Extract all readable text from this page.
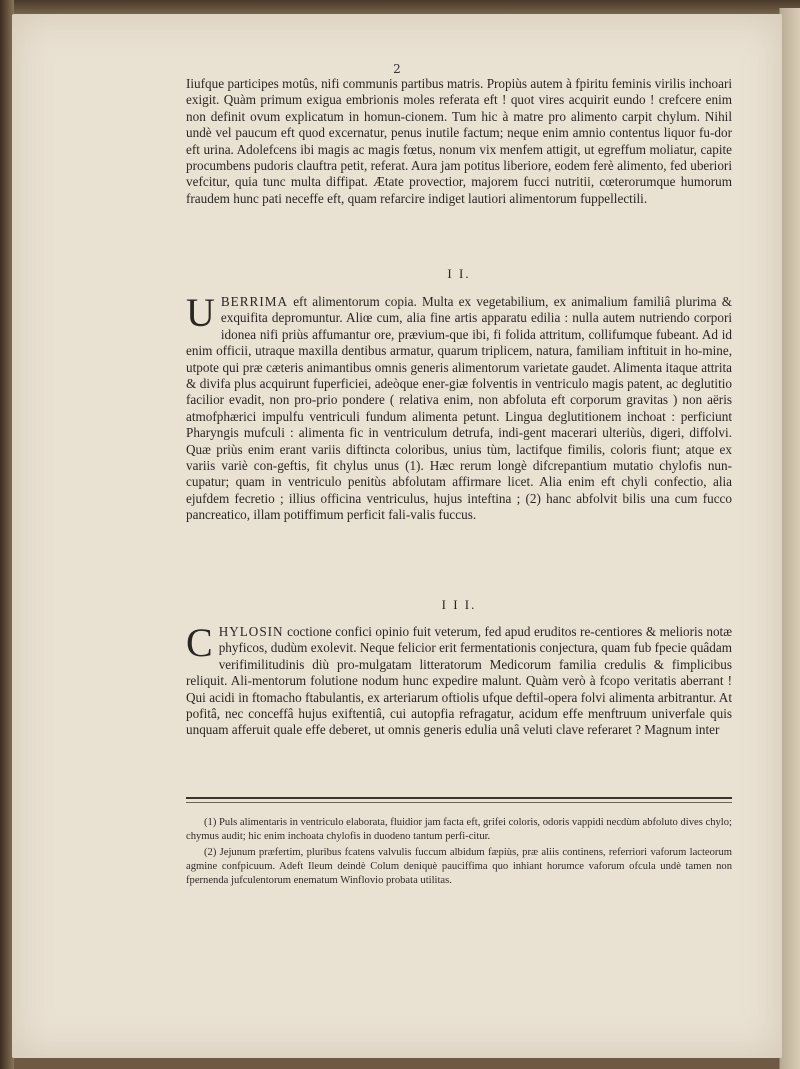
2

Iiufque participes motûs, nifi communis partibus matris. Propiùs autem à fpiritu feminis virilis inchoari exigit. Quàm primum exigua embrionis moles referata eft ! quot vires acquirit eundo ! crefcere enim non definit ovum explicatum in homun-cionem. Tum hic à matre pro alimento carpit chylum. Nihil undè vel paucum eft quod excernatur, penus inutile factum; neque enim amnio contentus liquor fu-dor eft urina. Adolefcens ibi magis ac magis fœtus, nonum vix menfem attigit, ut egreffum moliatur, capite procumbens pudoris clauftra petit, referat. Aura jam potitus liberiore, eodem ferè alimento, fed uberiori vefcitur, quia tunc multa diffipat. Ætate provectior, majorem fucci nutritii, cœterorumque humorum fraudem hunc pati neceffe eft, quam refarcire indiget lautiori alimentorum fuppellectili.

I I.

U BERRIMA eft alimentorum copia. Multa ex vegetabilium, ex animalium familiâ plurima & exquifita depromuntur. Aliœ cum, alia fine artis apparatu edilia : nulla autem nutriendo corpori idonea nifi priùs affumantur ore, prævium-que ibi, fi folida attritum, collifumque fubeant. Ad id enim officii, utraque maxilla dentibus armatur, quarum triplicem, natura, familiam inftituit in ho-mine, utpote qui præ cæteris animantibus omnis generis alimentorum varietate gaudet. Alimenta itaque attrita & divifa plus acquirunt fuperficiei, adeòque ener-giæ folventis in ventriculo magis patent, ac deglutitio facilior evadit, non pro-prio pondere ( relativa enim, non abfoluta eft corporum gravitas ) non aëris atmofphærici impulfu ventriculi fundum alimenta petunt. Lingua deglutitionem inchoat : perficiunt Pharyngis mufculi : alimenta fic in ventriculum detrufa, indi-gent macerari ulteriùs, digeri, diffolvi. Quæ priùs enim erant variis diftincta coloribus, unius tùm, lactifque fimilis, coloris fiunt; atque ex variis variè con-geftis, fit chylus unus (1). Hæc rerum longè difcrepantium mutatio chylofis nun-cupatur; quam in ventriculo penitùs abfolutam affirmare licet. Alia enim eft chyli confectio, alia ejufdem fecretio ; illius officina ventriculus, hujus inteftina ; (2) hanc abfolvit bilis una cum fucco pancreatico, illam potiffimum perficit fali-valis fuccus.

I I I.

C HYLOSIN coctione confici opinio fuit veterum, fed apud eruditos re-centiores & melioris notæ phyficos, dudùm exolevit. Neque felicior erit fermentationis conjectura, quam fub fpecie quâdam verifimilitudinis diù pro-mulgatam litteratorum Medicorum familia credulis & fimplicibus reliquit. Ali-mentorum folutione nodum hunc expedire malunt. Quàm verò à fcopo veritatis aberrant ! Qui acidi in ftomacho ftabulantis, ex arteriarum oftiolis ufque deftil-opera folvi alimenta arbitrantur. At pofitâ, nec conceffâ hujus exiftentiâ, cui autopfia refragatur, acidum effe menftruum univerfale quis unquam afferuit quale effe deberet, ut omnis generis edulia unâ veluti clave referaret ? Magnum inter

(1) Puls alimentaris in ventriculo elaborata, fluidior jam facta eft, grifei coloris, odoris vappidi necdùm abfoluto dives chylo; chymus audit; hic enim inchoata chylofis in duodeno tantum perfi-citur.

(2) Jejunum præfertim, pluribus fcatens valvulis fuccum albidum fæpiùs, præ aliis continens, referriori vaforum lacteorum agmine confpicuum. Adeft Ileum deindè Colum deniquè pauciffima quo inhiant horumce vaforum ofcula undè tamen non fpernenda jufculentorum enematum Winflovio probata utilitas.
